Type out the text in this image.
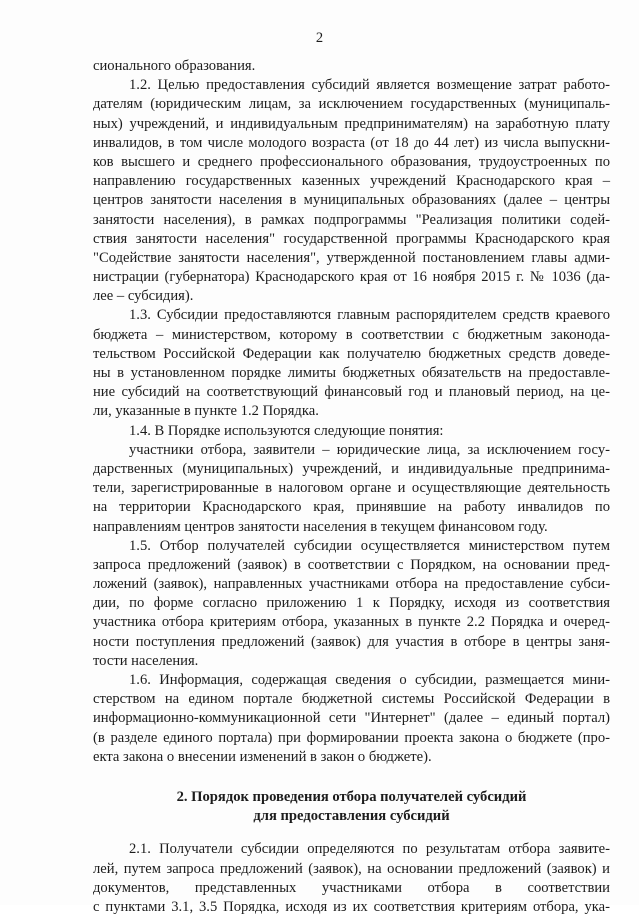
2
сионального образования.
1.2. Целью предоставления субсидий является возмещение затрат работо-
дателям (юридическим лицам, за исключением государственных (муниципаль-
ных) учреждений, и индивидуальным предпринимателям) на заработную плату
инвалидов, в том числе молодого возраста (от 18 до 44 лет) из числа выпускни-
ков высшего и среднего профессионального образования, трудоустроенных по
направлению государственных казенных учреждений Краснодарского края –
центров занятости населения в муниципальных образованиях (далее – центры
занятости населения), в рамках подпрограммы "Реализация политики содей-
ствия занятости населения" государственной программы Краснодарского края
"Содействие занятости населения", утвержденной постановлением главы адми-
нистрации (губернатора) Краснодарского края от 16 ноября 2015 г. № 1036 (да-
лее – субсидия).
1.3. Субсидии предоставляются главным распорядителем средств краевого
бюджета – министерством, которому в соответствии с бюджетным законода-
тельством Российской Федерации как получателю бюджетных средств доведе-
ны в установленном порядке лимиты бюджетных обязательств на предоставле-
ние субсидий на соответствующий финансовый год и плановый период, на це-
ли, указанные в пункте 1.2 Порядка.
1.4. В Порядке используются следующие понятия:
участники отбора, заявители – юридические лица, за исключением госу-
дарственных (муниципальных) учреждений, и индивидуальные предпринима-
тели, зарегистрированные в налоговом органе и осуществляющие деятельность
на территории Краснодарского края, принявшие на работу инвалидов по
направлениям центров занятости населения в текущем финансовом году.
1.5. Отбор получателей субсидии осуществляется министерством путем
запроса предложений (заявок) в соответствии с Порядком, на основании пред-
ложений (заявок), направленных участниками отбора на предоставление субси-
дии, по форме согласно приложению 1 к Порядку, исходя из соответствия
участника отбора критериям отбора, указанных в пункте 2.2 Порядка и очеред-
ности поступления предложений (заявок) для участия в отборе в центры заня-
тости населения.
1.6. Информация, содержащая сведения о субсидии, размещается мини-
стерством на едином портале бюджетной системы Российской Федерации в
информационно-коммуникационной сети "Интернет" (далее – единый портал)
(в разделе единого портала) при формировании проекта закона о бюджете (про-
екта закона о внесении изменений в закон о бюджете).
2. Порядок проведения отбора получателей субсидий
для предоставления субсидий
2.1. Получатели субсидии определяются по результатам отбора заявите-
лей, путем запроса предложений (заявок), на основании предложений (заявок) и
документов, представленных участниками отбора в соответствии
с пунктами 3.1, 3.5 Порядка, исходя из их соответствия критериям отбора, ука-
